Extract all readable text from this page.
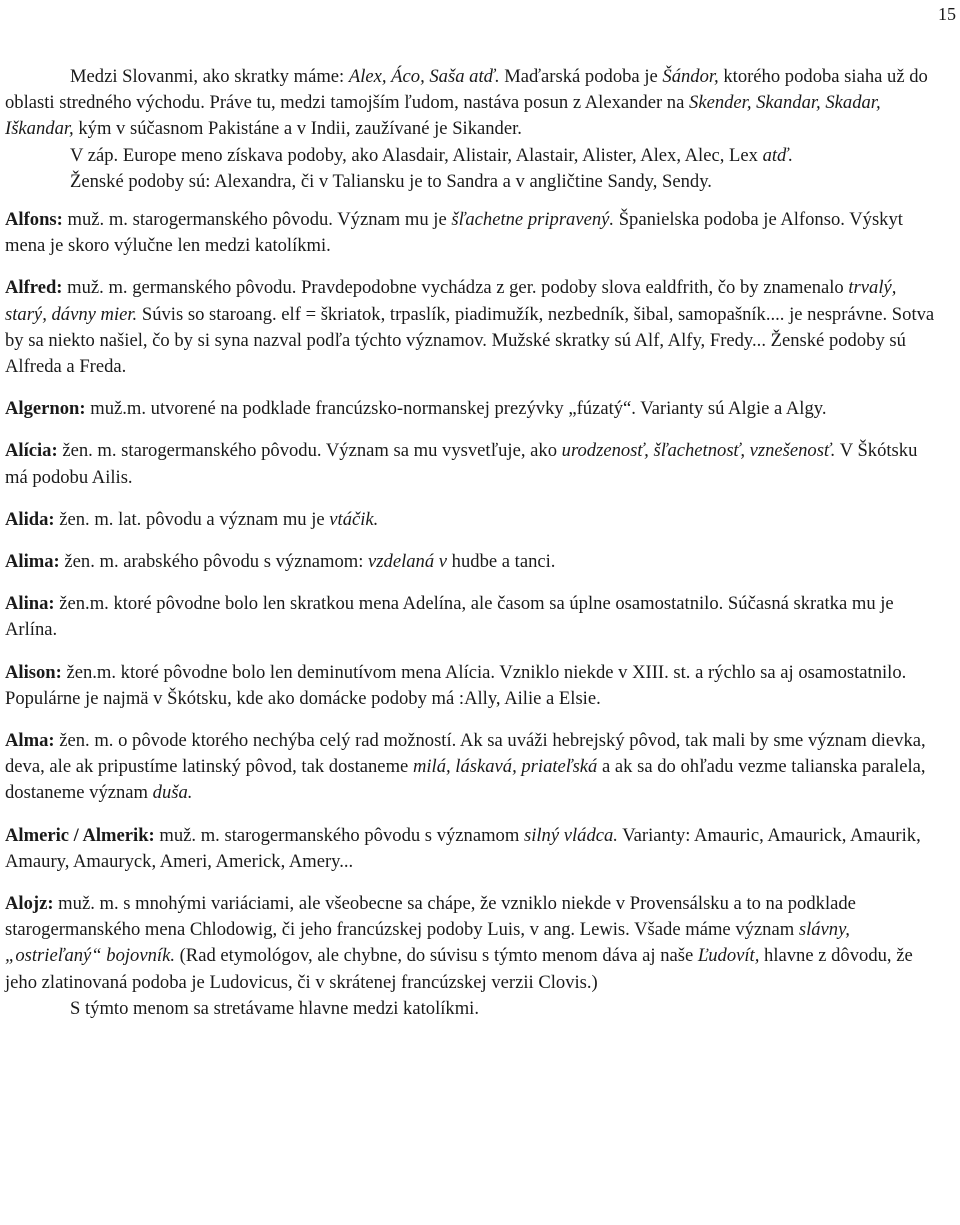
15

Medzi Slovanmi, ako skratky máme: Alex, Áco, Saša atď. Maďarská podoba je Šándor, ktorého podoba siaha už do oblasti stredného východu. Práve tu, medzi tamojším ľudom, nastáva posun z Alexander na Skender, Skandar, Skadar, Iškandar, kým v súčasnom Pakistáne a v Indii, zaužívané je Sikander.

V záp. Europe meno získava podoby, ako Alasdair, Alistair, Alastair, Alister, Alex, Alec, Lex atď.

Ženské podoby sú: Alexandra, či v Taliansku je to Sandra a v angličtine Sandy, Sendy.

Alfons: muž. m. starogermanského pôvodu. Význam mu je šľachetne pripravený. Španielska podoba je Alfonso. Výskyt mena je skoro výlučne len medzi katolíkmi.

Alfred: muž. m. germanského pôvodu. Pravdepodobne vychádza z ger. podoby slova ealdfrith, čo by znamenalo trvalý, starý, dávny mier. Súvis so staroang. elf = škriatok, trpaslík, piadimužík, nezbedník, šibal, samopašník.... je nesprávne. Sotva by sa niekto našiel, čo by si syna nazval podľa týchto významov. Mužské skratky sú Alf, Alfy, Fredy... Ženské podoby sú Alfreda a Freda.

Algernon: muž.m. utvorené na podklade francúzsko-normanskej prezývky „fúzatý“. Varianty sú Algie a Algy.

Alícia: žen. m. starogermanského pôvodu. Význam sa mu vysvetľuje, ako urodzenosť, šľachetnosť, vznešenosť. V Škótsku má podobu Ailis.

Alida: žen. m. lat. pôvodu a význam mu je vtáčik.

Alima: žen. m. arabského pôvodu s významom: vzdelaná v hudbe a tanci.

Alina: žen.m. ktoré pôvodne bolo len skratkou mena Adelína, ale časom sa úplne osamostatnilo. Súčasná skratka mu je Arlína.

Alison: žen.m. ktoré pôvodne bolo len deminutívom mena Alícia. Vzniklo niekde v XIII. st. a rýchlo sa aj osamostatnilo. Populárne je najmä v Škótsku, kde ako domácke podoby má :Ally, Ailie a Elsie.

Alma: žen. m. o pôvode ktorého nechýba celý rad možností. Ak sa uváži hebrejský pôvod, tak mali by sme význam dievka, deva, ale ak pripustíme latinský pôvod, tak dostaneme milá, láskavá, priateľská a ak sa do ohľadu vezme talianska paralela, dostaneme význam duša.

Almeric / Almerik: muž. m. starogermanského pôvodu s významom silný vládca. Varianty: Amauric, Amaurick, Amaurik, Amaury, Amauryck, Ameri, Americk, Amery...

Alojz: muž. m. s mnohými variáciami, ale všeobecne sa chápe, že vzniklo niekde v Provensálsku a to na podklade starogermanského mena Chlodowig, či jeho francúzskej podoby Luis, v ang. Lewis. Všade máme význam slávny, „ostrieľaný“ bojovník. (Rad etymológov, ale chybne, do súvisu s týmto menom dáva aj naše Ľudovít, hlavne z dôvodu, že jeho zlatinovaná podoba je Ludovicus, či v skrátenej francúzskej verzii Clovis.)

S týmto menom sa stretávame hlavne medzi katolíkmi.
